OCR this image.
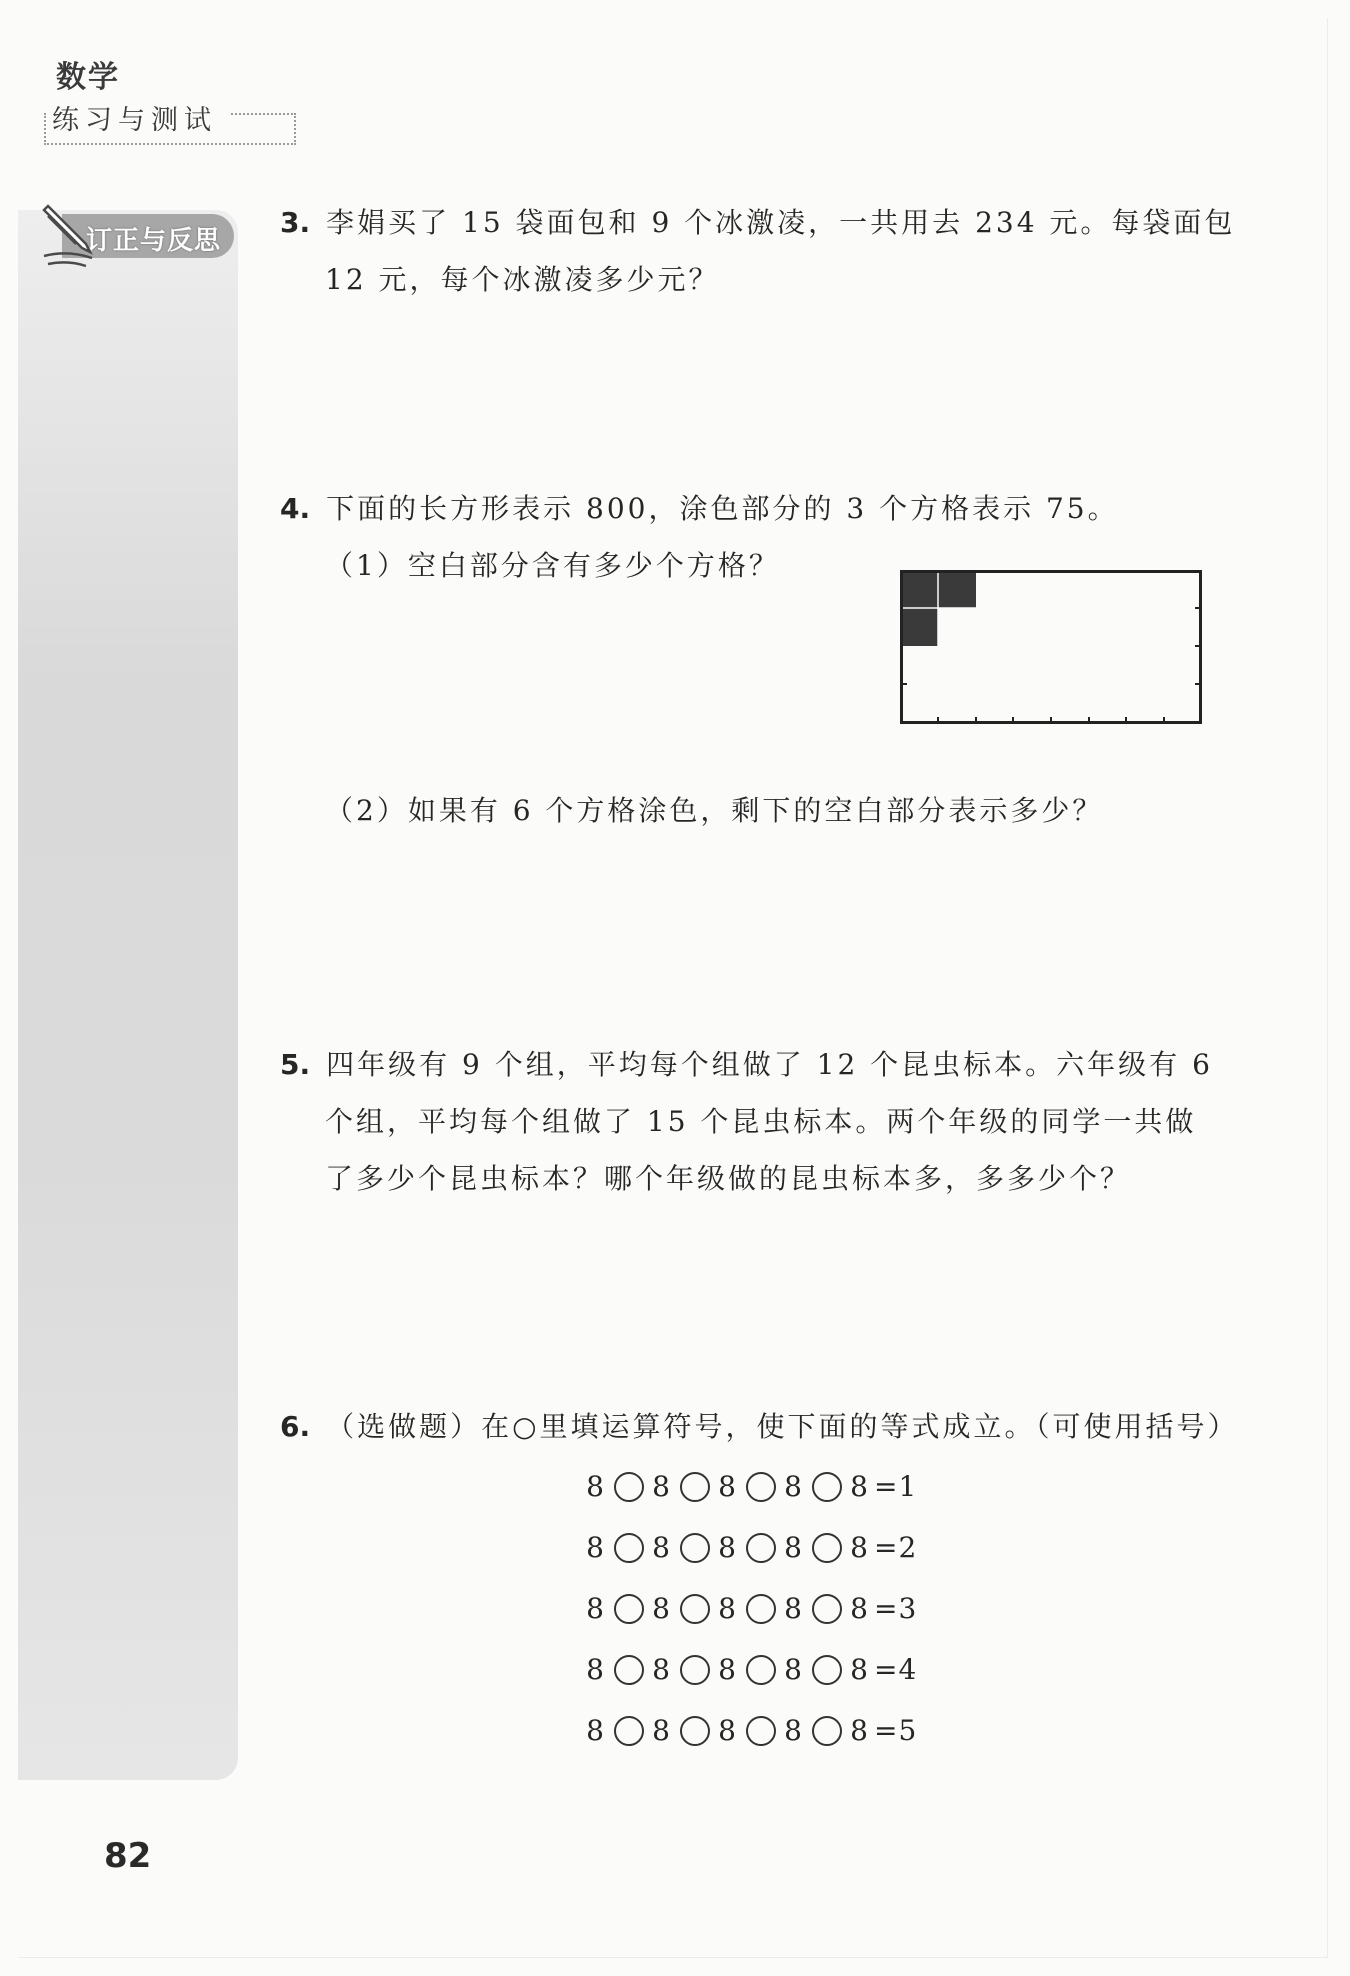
数学
练习与测试
订正与反思
3. 李娟买了 15 袋面包和 9 个冰激凌，一共用去 234 元。每袋面包
12 元，每个冰激凌多少元？
4. 下面的长方形表示 800，涂色部分的 3 个方格表示 75。
（1）空白部分含有多少个方格？
（2）如果有 6 个方格涂色，剩下的空白部分表示多少？
5. 四年级有 9 个组，平均每个组做了 12 个昆虫标本。六年级有 6
个组，平均每个组做了 15 个昆虫标本。两个年级的同学一共做
了多少个昆虫标本？哪个年级做的昆虫标本多，多多少个？
6. （选做题）在○里填运算符号，使下面的等式成立。（可使用括号）
8 8 8 8 8 =1
8 8 8 8 8 =2
8 8 8 8 8 =3
8 8 8 8 8 =4
8 8 8 8 8 =5
82
